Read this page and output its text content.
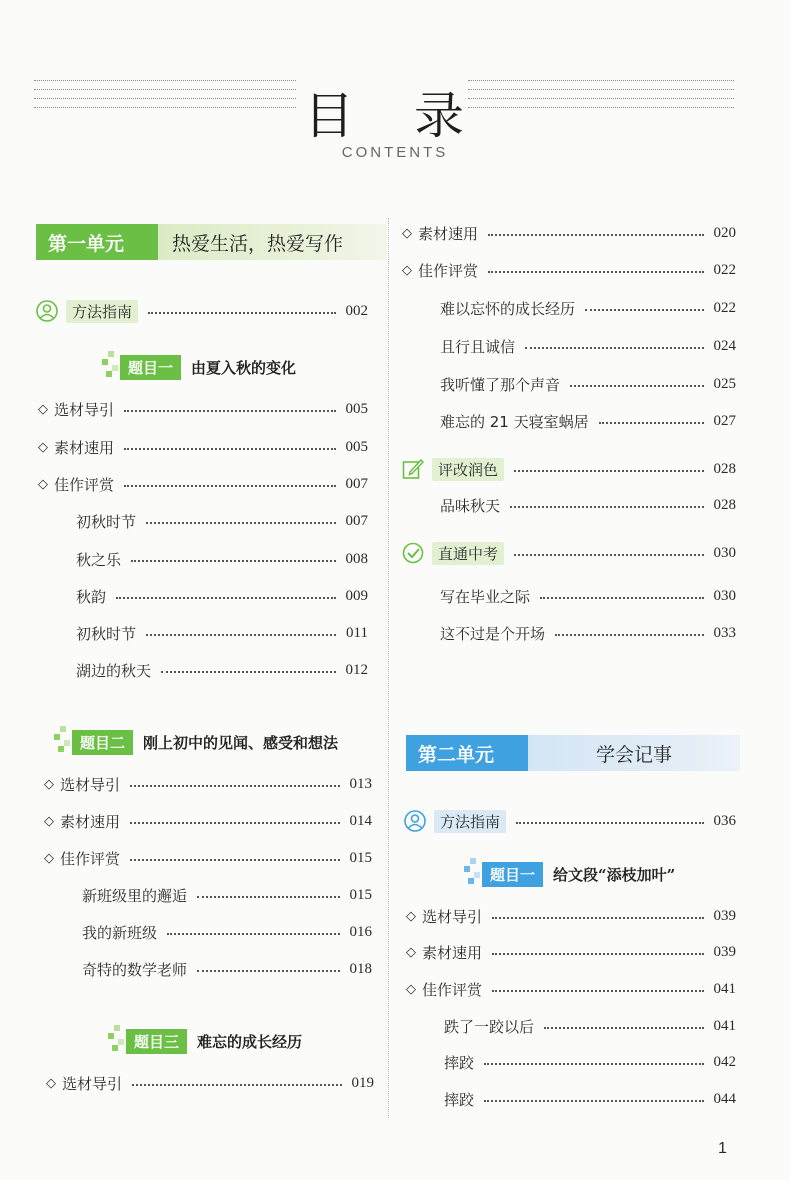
目 录
CONTENTS
第一单元	热爱生活，热爱写作
方法指南	002
题目一	由夏入秋的变化
◇ 选材导引	005
◇ 素材速用	005
◇ 佳作评赏	007
初秋时节	007
秋之乐	008
秋韵	009
初秋时节	011
湖边的秋天	012
题目二	刚上初中的见闻、感受和想法
◇ 选材导引	013
◇ 素材速用	014
◇ 佳作评赏	015
新班级里的邂逅	015
我的新班级	016
奇特的数学老师	018
题目三	难忘的成长经历
◇ 选材导引	019
◇ 素材速用	020
◇ 佳作评赏	022
难以忘怀的成长经历	022
且行且诚信	024
我听懂了那个声音	025
难忘的 21 天寝室蜗居	027
评改润色	028
品味秋天	028
直通中考	030
写在毕业之际	030
这不过是个开场	033
第二单元	学会记事
方法指南	036
题目一	给文段“添枝加叶”
◇ 选材导引	039
◇ 素材速用	039
◇ 佳作评赏	041
跌了一跤以后	041
摔跤	042
摔跤	044
1
